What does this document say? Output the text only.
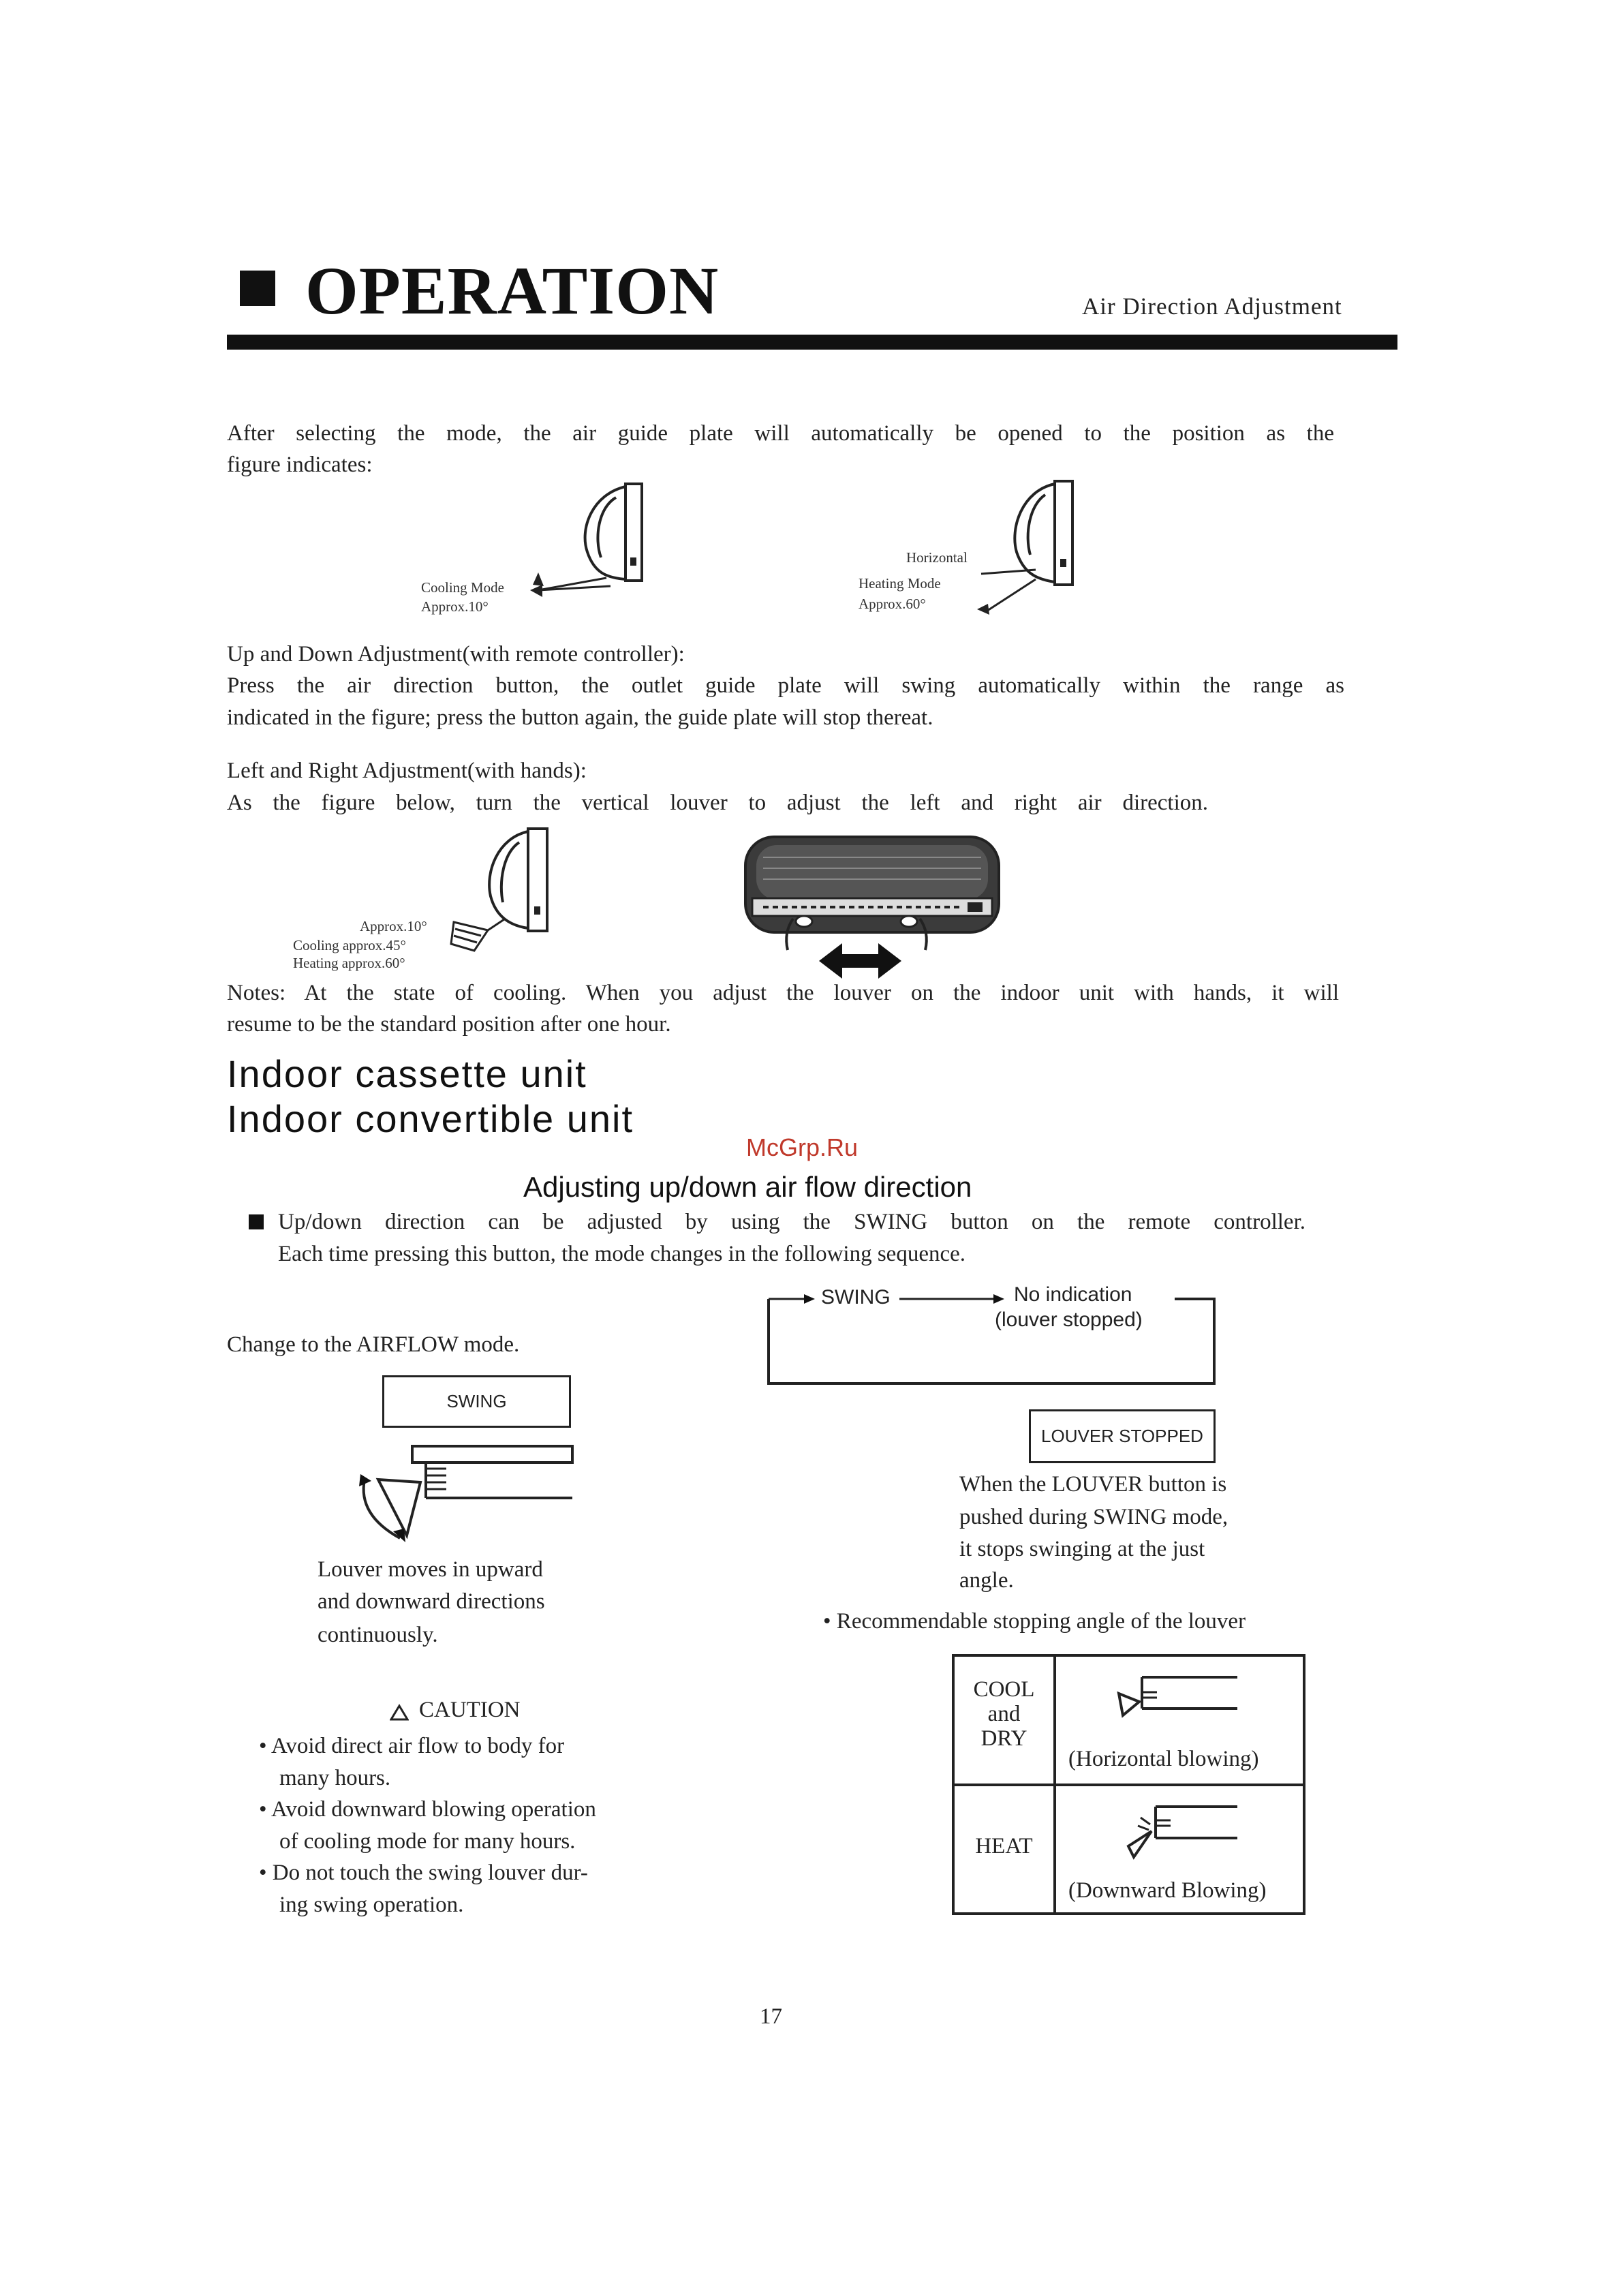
OPERATION	Air Direction Adjustment
After selecting the mode, the air guide plate will automatically be opened to the position as the
figure indicates:
Cooling Mode
Approx.10°
Horizontal
Heating Mode
Approx.60°
Up and Down Adjustment(with remote controller):
Press the air direction button, the outlet guide plate will swing automatically within the range as
indicated in the figure; press the button again, the guide plate will stop thereat.
Left and Right Adjustment(with hands):
As the figure below, turn the vertical louver to adjust the left and right air direction.
Approx.10°
Cooling approx.45°
Heating approx.60°
Notes: At the state of cooling. When you adjust the louver on the indoor unit with hands, it will
resume to be the standard position after one hour.
Indoor cassette unit
Indoor convertible unit
McGrp.Ru
Adjusting up/down air flow direction
Up/down direction can be adjusted by using the SWING button on the remote controller.
Each time pressing this button, the mode changes in the following sequence.
SWING	No indication
(louver stopped)
Change to the AIRFLOW mode.
SWING
Louver moves in upward
and downward directions
continuously.
LOUVER STOPPED
When the LOUVER button is
pushed during SWING mode,
it stops swinging at the just
angle.
• Recommendable stopping angle of the louver
COOL
and
DRY
(Horizontal blowing)
HEAT
(Downward Blowing)
CAUTION
• Avoid direct air flow to body for
many hours.
• Avoid downward blowing operation
of cooling mode for many hours.
• Do not touch the swing louver dur-
ing swing operation.
17
